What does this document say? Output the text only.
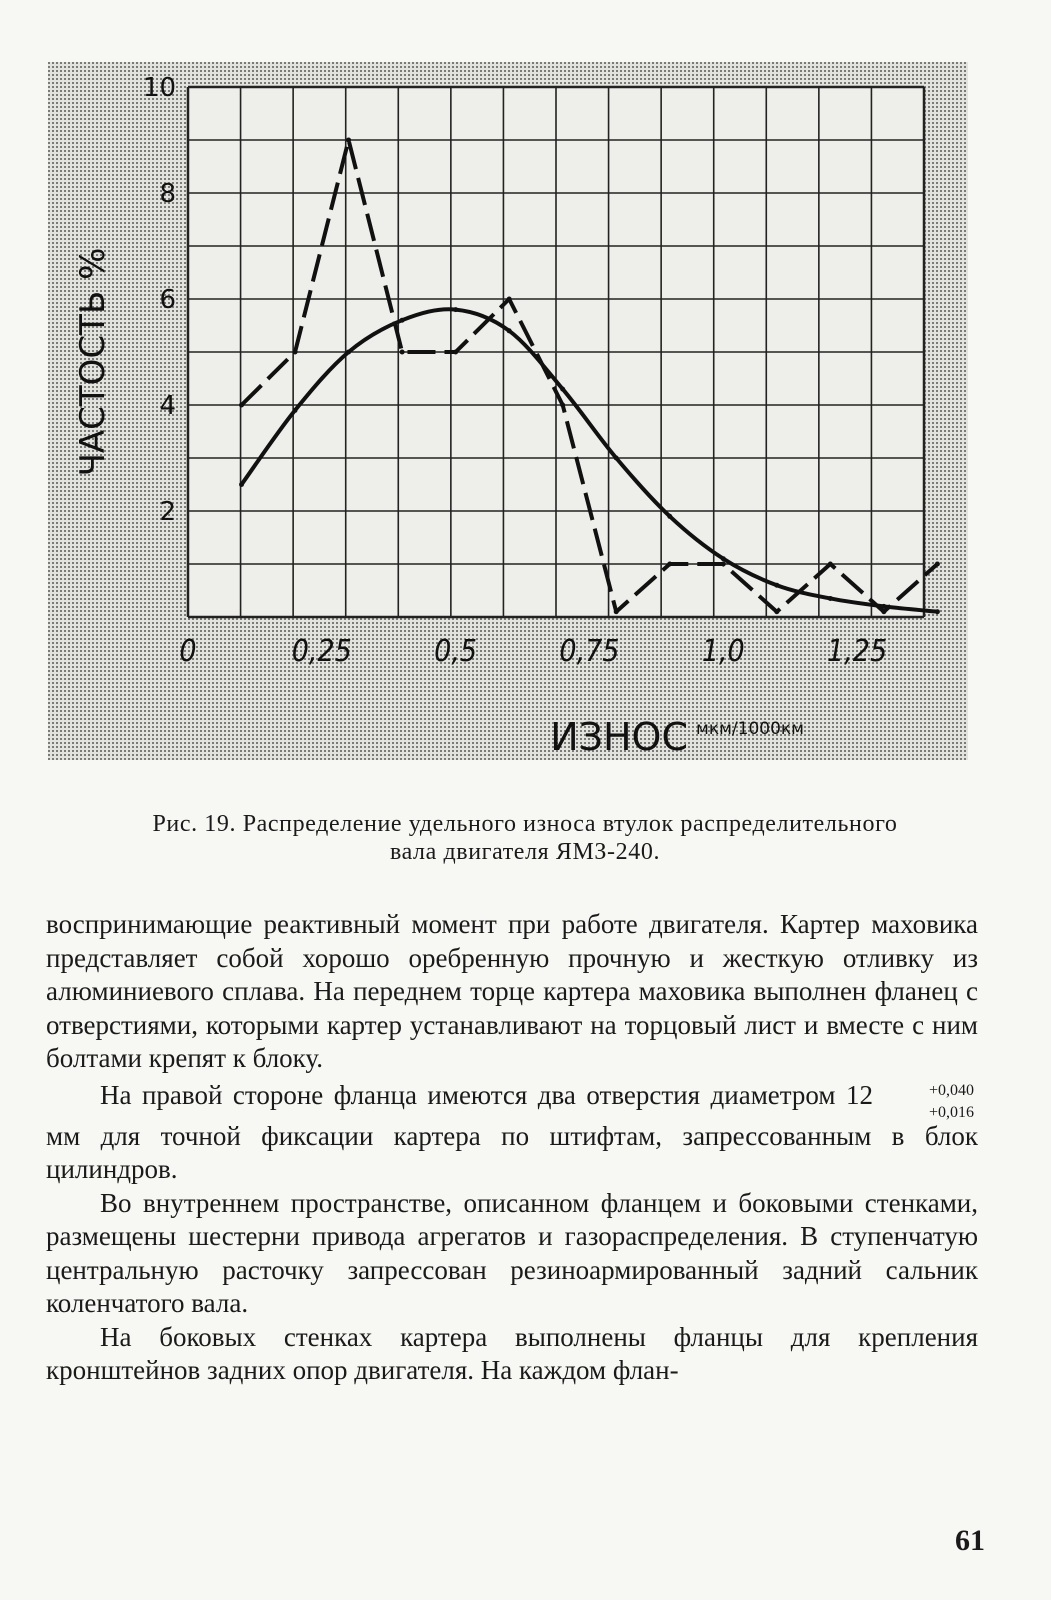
2
4
6
8
10
0	0,25	0,5	0,75	1,0	1,25
ЧАСТОСТЬ %
ИЗНОС мкм/1000км
Рис. 19. Распределение удельного износа втулок распределительного
вала двигателя ЯМЗ-240.

воспринимающие реактивный момент при работе двигателя. Картер маховика представляет собой хорошо оребренную прочную и жесткую отливку из алюминиевого сплава. На переднем торце картера маховика выполнен фланец с отверстиями, которыми картер устанавливают на торцовый лист и вместе с ним болтами крепят к блоку.

На правой стороне фланца имеются два отверстия диаметром 12	+0,040
+0,016
мм для точной фиксации картера по штифтам, запрессованным в блок цилиндров.

Во внутреннем пространстве, описанном фланцем и боковыми стенками, размещены шестерни привода агрегатов и газораспределения. В ступенчатую центральную расточку запрессован резиноармированный задний сальник коленчатого вала.

На боковых стенках картера выполнены фланцы для крепления кронштейнов задних опор двигателя. На каждом флан-

61
